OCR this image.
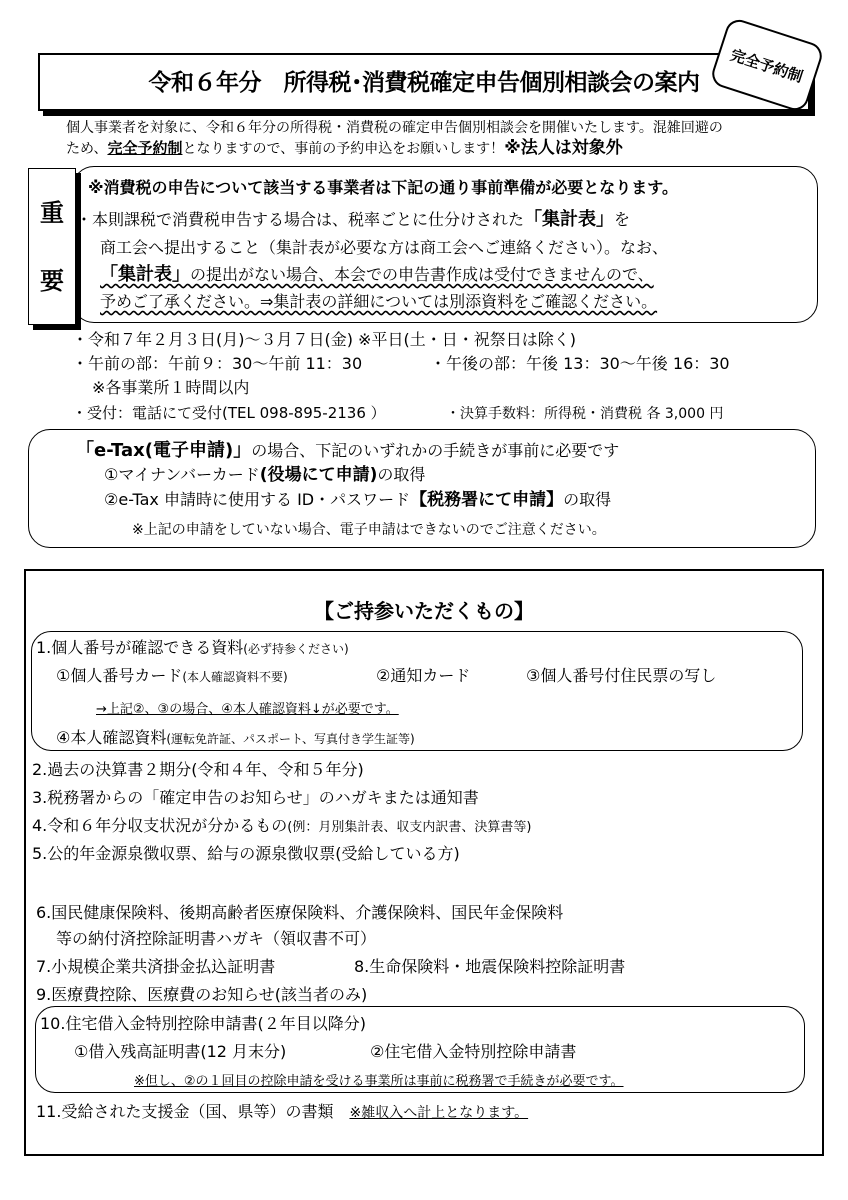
令和６年分　所得税･消費税確定申告個別相談会の案内	完全予約制
個人事業者を対象に、令和６年分の所得税・消費税の確定申告個別相談会を開催いたします。混雑回避の
ため、完全予約制となりますので、事前の予約申込をお願いします！※法人は対象外
重
要
※消費税の申告について該当する事業者は下記の通り事前準備が必要となります。
・本則課税で消費税申告する場合は、税率ごとに仕分けされた「集計表」を
商工会へ提出すること（集計表が必要な方は商工会へご連絡ください）。なお、
「集計表」の提出がない場合、本会での申告書作成は受付できませんので、
予めご了承ください。⇒集計表の詳細については別添資料をご確認ください。
・令和７年２月３日(月)～３月７日(金) ※平日(土・日・祝祭日は除く)
・午前の部：午前９：30～午前 11：30	・午後の部：午後 13：30～午後 16：30
※各事業所１時間以内
・受付：電話にて受付(TEL 098-895-2136 ）	・決算手数料：所得税・消費税 各 3,000 円
「e-Tax(電子申請)」の場合、下記のいずれかの手続きが事前に必要です
①マイナンバーカード(役場にて申請)の取得
②e-Tax 申請時に使用する ID・パスワード【税務署にて申請】の取得
※上記の申請をしていない場合、電子申請はできないのでご注意ください。
【ご持参いただくもの】
1.個人番号が確認できる資料(必ず持参ください)
①個人番号カード(本人確認資料不要)	②通知カード	③個人番号付住民票の写し
→上記②、③の場合、④本人確認資料↓が必要です。
④本人確認資料(運転免許証、パスポート、写真付き学生証等)
2.過去の決算書２期分(令和４年、令和５年分)
3.税務署からの「確定申告のお知らせ」のハガキまたは通知書
4.令和６年分収支状況が分かるもの(例：月別集計表、収支内訳書、決算書等)
5.公的年金源泉徴収票、給与の源泉徴収票(受給している方)
6.国民健康保険料、後期高齢者医療保険料、介護保険料、国民年金保険料
等の納付済控除証明書ハガキ（領収書不可）
7.小規模企業共済掛金払込証明書	8.生命保険料・地震保険料控除証明書
9.医療費控除、医療費のお知らせ(該当者のみ)
10.住宅借入金特別控除申請書(２年目以降分)
①借入残高証明書(12 月末分)	②住宅借入金特別控除申請書
※但し、②の１回目の控除申請を受ける事業所は事前に税務署で手続きが必要です。
11.受給された支援金（国、県等）の書類　 ※雑収入へ計上となります。
